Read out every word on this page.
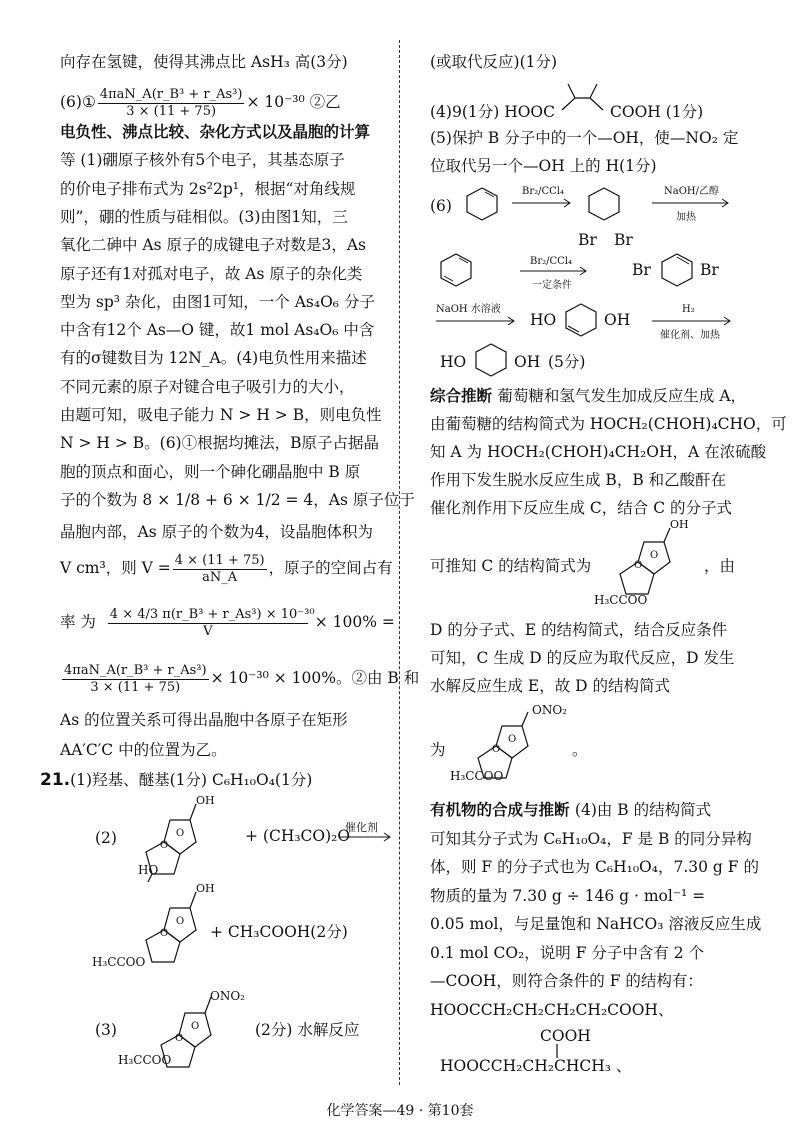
向存在氢键，使得其沸点比 AsH₃ 高(3分)
(6)① $\frac{\text{4πaN\_A(r\_B³ + r\_As³)}}{3 \times (11 + 75)} \times 10^{-30}$ ②乙
电负性、沸点比较、杂化方式以及晶胞的计算
等 (1)硼原子核外有5个电子，其基态原子
的价电子排布式为 2s²2p¹，根据“对角线规
则”，硼的性质与硅相似。(3)由图1知，三
氧化二砷中 As 原子的成键电子对数是3，As
原子还有1对孤对电子，故 As 原子的杂化类
型为 sp³ 杂化，由图1可知，一个 As₄O₆ 分子
中含有12个 As—O 键，故1 mol As₄O₆ 中含
有的σ键数目为 12N_A。(4)电负性用来描述
不同元素的原子对键合电子吸引力的大小，
由题可知，吸电子能力 N > H > B，则电负性
N > H > B。(6)①根据均摊法，B原子占据晶
胞的顶点和面心，则一个砷化硼晶胞中 B 原
子的个数为 8 × 1/8 + 6 × 1/2 = 4，As 原子位于
晶胞内部，As 原子的个数为4，设晶胞体积为
V cm³，则 $V = \frac{4 \times (11 + 75)}{aN\_A}$ ，原子的空间占有
率 为 $\frac{\text{4 × 4/3 π(r\_B³ + r\_As³) × 10⁻³⁰}}{V} \times 100\%$ =
$\frac{\text{4πaN\_A(r\_B³ + r\_As³)}}{3 \times (11 + 75)} \times 10^{-30} \times 100\%$。②由 B 和
As 的位置关系可得出晶胞中各原子在矩形
AA′C′C 中的位置为乙。
21.(1)羟基、醚基(1分) C₆H₁₀O₄(1分)
(2)
OH
O
O
HO
+ (CH₃CO)₂O
催化剂
OH
O
O
H₃CCOO
+ CH₃COOH(2分)
(3)	O
O
ONO₂
H₃CCOO
(2分) 水解反应
(或取代反应)(1分)
(4)9(1分) HOOC	COOH (1分)
(5)保护 B 分子中的一个—OH，使—NO₂ 定
位取代另一个—OH 上的 H(1分)
(6)
Br₂/CCl₄
Br Br
NaOH/乙醇
加热
Br₂/CCl₄
一定条件
Br	Br
NaOH 水溶液
HO	OH
H₂
催化剂、加热
HO	OH (5分)
综合推断 葡萄糖和氢气发生加成反应生成 A，
由葡萄糖的结构简式为 HOCH₂(CHOH)₄CHO，可
知 A 为 HOCH₂(CHOH)₄CH₂OH，A 在浓硫酸
作用下发生脱水反应生成 B，B 和乙酸酐在
催化剂作用下反应生成 C，结合 C 的分子式
可推知 C 的结构简式为
OH
O
O
H₃CCOO
，由
D 的分子式、E 的结构简式，结合反应条件
可知，C 生成 D 的反应为取代反应，D 发生
水解反应生成 E，故 D 的结构简式
为	O
O
ONO₂
H₃CCOO
。
有机物的合成与推断 (4)由 B 的结构简式
可知其分子式为 C₆H₁₀O₄，F 是 B 的同分异构
体，则 F 的分子式也为 C₆H₁₀O₄，7.30 g F 的
物质的量为 7.30 g ÷ 146 g · mol⁻¹ =
0.05 mol，与足量饱和 NaHCO₃ 溶液反应生成
0.1 mol CO₂，说明 F 分子中含有 2 个
—COOH，则符合条件的 F 的结构有：
HOOCCH₂CH₂CH₂CH₂COOH、
COOH
HOOCCH₂CH₂CHCH₃ 、
化学答案—49 · 第10套
